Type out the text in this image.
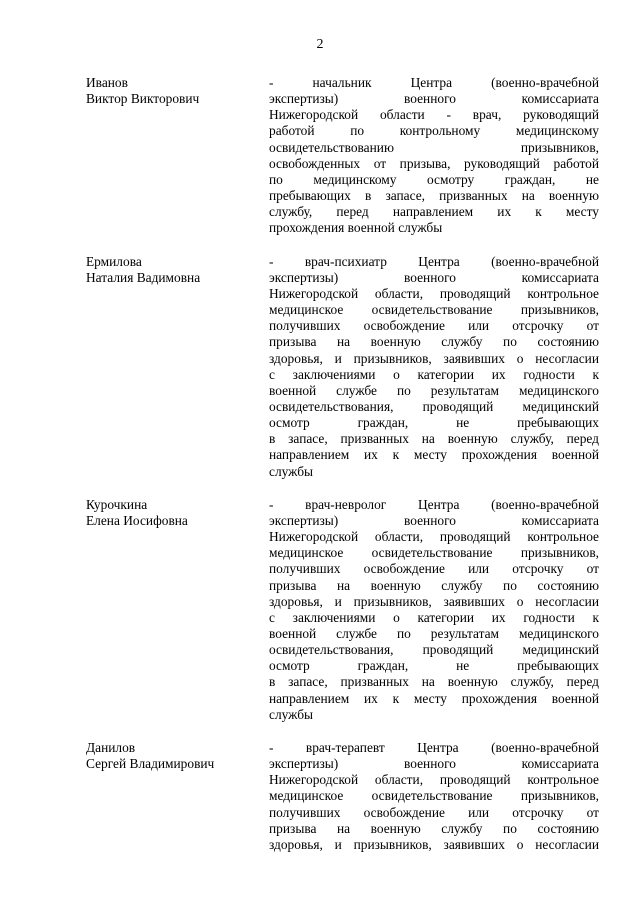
2
Иванов
Виктор Викторович
- начальник Центра (военно-врачебной
экспертизы) военного комиссариата
Нижегородской области - врач, руководящий
работой по контрольному медицинскому
освидетельствованию призывников,
освобожденных от призыва, руководящий работой
по медицинскому осмотру граждан, не
пребывающих в запасе, призванных на военную
службу, перед направлением их к месту
прохождения военной службы
Ермилова
Наталия Вадимовна
- врач-психиатр Центра (военно-врачебной
экспертизы) военного комиссариата
Нижегородской области, проводящий контрольное
медицинское освидетельствование призывников,
получивших освобождение или отсрочку от
призыва на военную службу по состоянию
здоровья, и призывников, заявивших о несогласии
с заключениями о категории их годности к
военной службе по результатам медицинского
освидетельствования, проводящий медицинский
осмотр граждан, не пребывающих
в запасе, призванных на военную службу, перед
направлением их к месту прохождения военной
службы
Курочкина
Елена Иосифовна
- врач-невролог Центра (военно-врачебной
экспертизы) военного комиссариата
Нижегородской области, проводящий контрольное
медицинское освидетельствование призывников,
получивших освобождение или отсрочку от
призыва на военную службу по состоянию
здоровья, и призывников, заявивших о несогласии
с заключениями о категории их годности к
военной службе по результатам медицинского
освидетельствования, проводящий медицинский
осмотр граждан, не пребывающих
в запасе, призванных на военную службу, перед
направлением их к месту прохождения военной
службы
Данилов
Сергей Владимирович
- врач-терапевт Центра (военно-врачебной
экспертизы) военного комиссариата
Нижегородской области, проводящий контрольное
медицинское освидетельствование призывников,
получивших освобождение или отсрочку от
призыва на военную службу по состоянию
здоровья, и призывников, заявивших о несогласии
